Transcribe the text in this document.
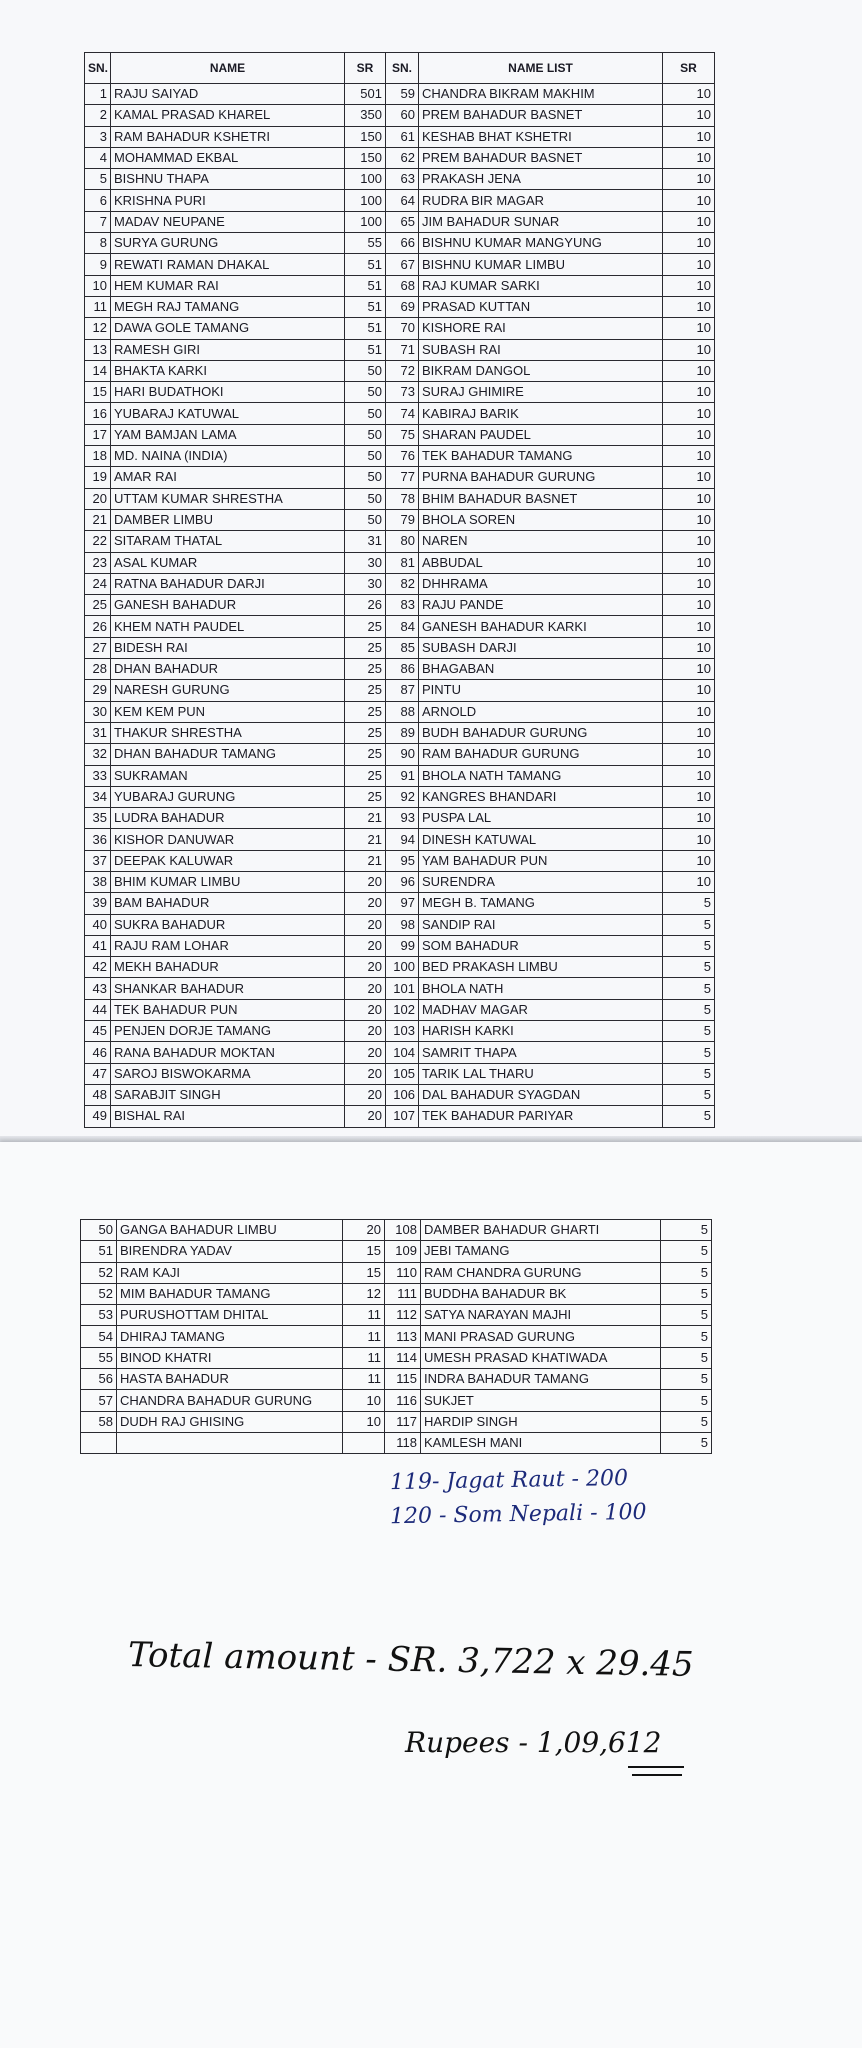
SN.	NAME	SR	SN.	NAME LIST	SR
1	RAJU SAIYAD	501	59	CHANDRA BIKRAM MAKHIM	10
2	KAMAL PRASAD KHAREL	350	60	PREM BAHADUR BASNET	10
3	RAM BAHADUR KSHETRI	150	61	KESHAB BHAT KSHETRI	10
4	MOHAMMAD EKBAL	150	62	PREM BAHADUR BASNET	10
5	BISHNU THAPA	100	63	PRAKASH JENA	10
6	KRISHNA PURI	100	64	RUDRA BIR MAGAR	10
7	MADAV NEUPANE	100	65	JIM BAHADUR SUNAR	10
8	SURYA GURUNG	55	66	BISHNU KUMAR MANGYUNG	10
9	REWATI RAMAN DHAKAL	51	67	BISHNU KUMAR LIMBU	10
10	HEM KUMAR RAI	51	68	RAJ KUMAR SARKI	10
11	MEGH RAJ TAMANG	51	69	PRASAD KUTTAN	10
12	DAWA GOLE TAMANG	51	70	KISHORE RAI	10
13	RAMESH GIRI	51	71	SUBASH RAI	10
14	BHAKTA KARKI	50	72	BIKRAM DANGOL	10
15	HARI BUDATHOKI	50	73	SURAJ GHIMIRE	10
16	YUBARAJ KATUWAL	50	74	KABIRAJ BARIK	10
17	YAM BAMJAN LAMA	50	75	SHARAN PAUDEL	10
18	MD. NAINA (INDIA)	50	76	TEK BAHADUR TAMANG	10
19	AMAR RAI	50	77	PURNA BAHADUR GURUNG	10
20	UTTAM KUMAR SHRESTHA	50	78	BHIM BAHADUR BASNET	10
21	DAMBER LIMBU	50	79	BHOLA SOREN	10
22	SITARAM THATAL	31	80	NAREN	10
23	ASAL KUMAR	30	81	ABBUDAL	10
24	RATNA BAHADUR DARJI	30	82	DHHRAMA	10
25	GANESH BAHADUR	26	83	RAJU PANDE	10
26	KHEM NATH PAUDEL	25	84	GANESH BAHADUR KARKI	10
27	BIDESH RAI	25	85	SUBASH DARJI	10
28	DHAN BAHADUR	25	86	BHAGABAN	10
29	NARESH GURUNG	25	87	PINTU	10
30	KEM KEM PUN	25	88	ARNOLD	10
31	THAKUR SHRESTHA	25	89	BUDH BAHADUR GURUNG	10
32	DHAN BAHADUR TAMANG	25	90	RAM BAHADUR GURUNG	10
33	SUKRAMAN	25	91	BHOLA NATH TAMANG	10
34	YUBARAJ GURUNG	25	92	KANGRES BHANDARI	10
35	LUDRA BAHADUR	21	93	PUSPA LAL	10
36	KISHOR DANUWAR	21	94	DINESH KATUWAL	10
37	DEEPAK KALUWAR	21	95	YAM BAHADUR PUN	10
38	BHIM KUMAR LIMBU	20	96	SURENDRA	10
39	BAM BAHADUR	20	97	MEGH B. TAMANG	5
40	SUKRA BAHADUR	20	98	SANDIP RAI	5
41	RAJU RAM LOHAR	20	99	SOM BAHADUR	5
42	MEKH BAHADUR	20	100	BED PRAKASH LIMBU	5
43	SHANKAR BAHADUR	20	101	BHOLA NATH	5
44	TEK BAHADUR PUN	20	102	MADHAV MAGAR	5
45	PENJEN DORJE TAMANG	20	103	HARISH KARKI	5
46	RANA BAHADUR MOKTAN	20	104	SAMRIT THAPA	5
47	SAROJ BISWOKARMA	20	105	TARIK LAL THARU	5
48	SARABJIT SINGH	20	106	DAL BAHADUR SYAGDAN	5
49	BISHAL RAI	20	107	TEK BAHADUR PARIYAR	5
50	GANGA BAHADUR LIMBU	20	108	DAMBER BAHADUR GHARTI	5
51	BIRENDRA YADAV	15	109	JEBI TAMANG	5
52	RAM KAJI	15	110	RAM CHANDRA GURUNG	5
52	MIM BAHADUR TAMANG	12	111	BUDDHA BAHADUR BK	5
53	PURUSHOTTAM DHITAL	11	112	SATYA NARAYAN MAJHI	5
54	DHIRAJ TAMANG	11	113	MANI PRASAD GURUNG	5
55	BINOD KHATRI	11	114	UMESH PRASAD KHATIWADA	5
56	HASTA BAHADUR	11	115	INDRA BAHADUR TAMANG	5
57	CHANDRA BAHADUR GURUNG	10	116	SUKJET	5
58	DUDH RAJ GHISING	10	117	HARDIP SINGH	5
			118	KAMLESH MANI	5
119- Jagat Raut - 200
120 - Som Nepali - 100
Total amount - SR. 3,722 x 29.45
Rupees - 1,09,612
